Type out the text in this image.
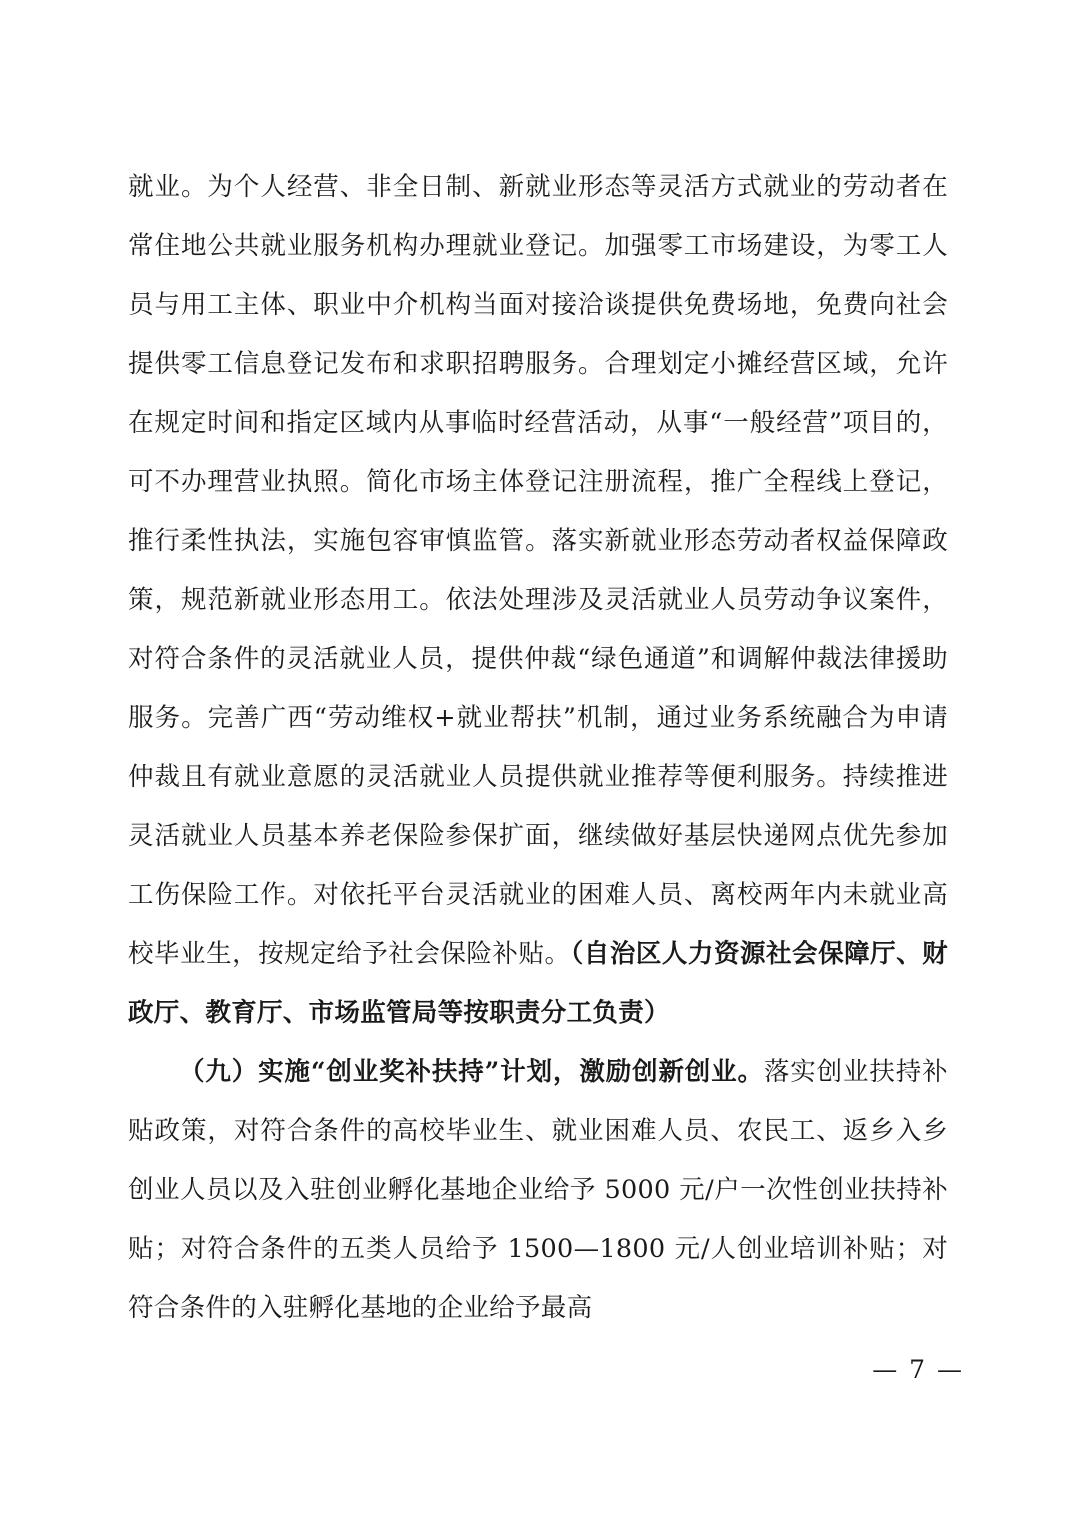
就业。为个人经营、非全日制、新就业形态等灵活方式就业的劳动者在常住地公共就业服务机构办理就业登记。加强零工市场建设，为零工人员与用工主体、职业中介机构当面对接洽谈提供免费场地，免费向社会提供零工信息登记发布和求职招聘服务。合理划定小摊经营区域，允许在规定时间和指定区域内从事临时经营活动，从事“一般经营”项目的，可不办理营业执照。简化市场主体登记注册流程，推广全程线上登记，推行柔性执法，实施包容审慎监管。落实新就业形态劳动者权益保障政策，规范新就业形态用工。依法处理涉及灵活就业人员劳动争议案件，对符合条件的灵活就业人员，提供仲裁“绿色通道”和调解仲裁法律援助服务。完善广西“劳动维权+就业帮扶”机制，通过业务系统融合为申请仲裁且有就业意愿的灵活就业人员提供就业推荐等便利服务。持续推进灵活就业人员基本养老保险参保扩面，继续做好基层快递网点优先参加工伤保险工作。对依托平台灵活就业的困难人员、离校两年内未就业高校毕业生，按规定给予社会保险补贴。（自治区人力资源社会保障厅、财政厅、教育厅、市场监管局等按职责分工负责）

（九）实施“创业奖补扶持”计划，激励创新创业。落实创业扶持补贴政策，对符合条件的高校毕业生、就业困难人员、农民工、返乡入乡创业人员以及入驻创业孵化基地企业给予 5000 元/户一次性创业扶持补贴；对符合条件的五类人员给予 1500—1800 元/人创业培训补贴；对符合条件的入驻孵化基地的企业给予最高

— 7 —
